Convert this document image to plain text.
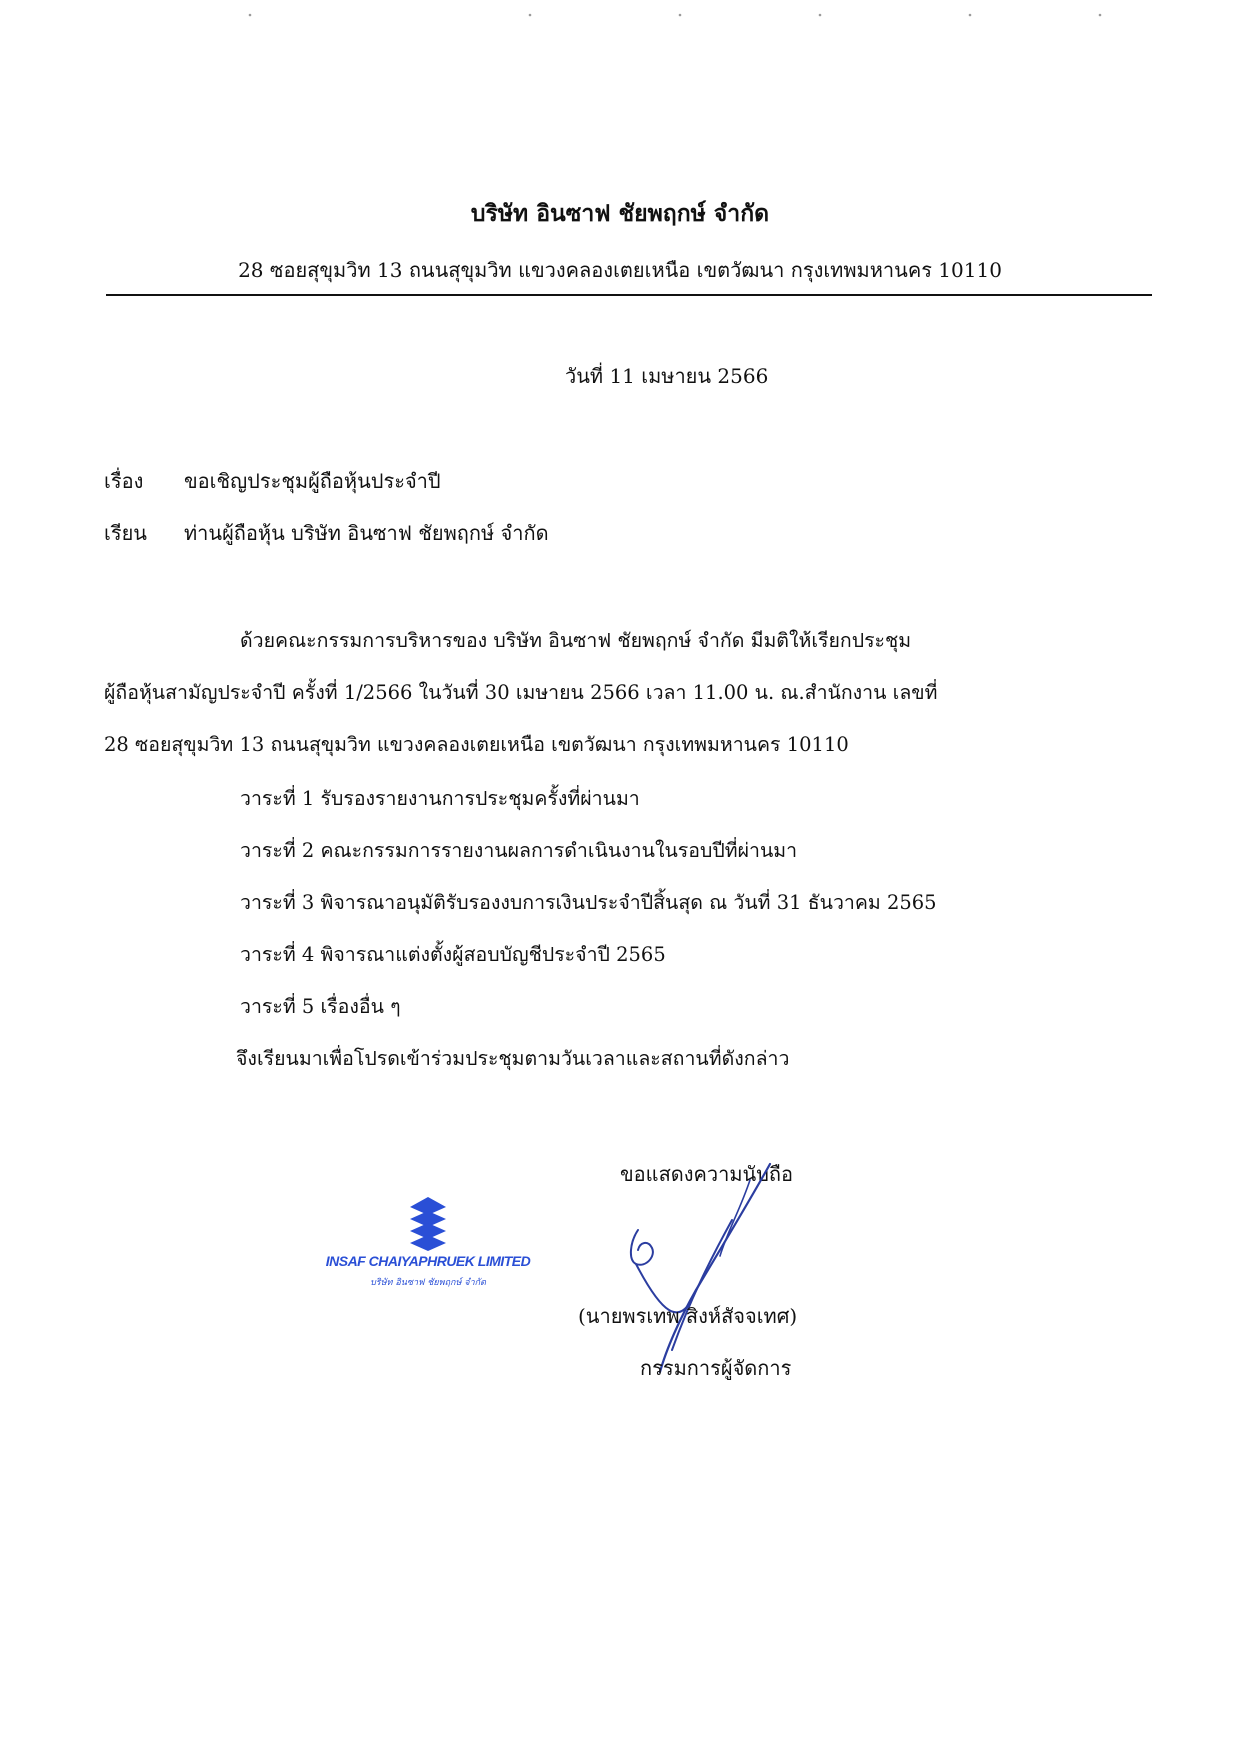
บริษัท อินซาฟ ชัยพฤกษ์ จำกัด
28 ซอยสุขุมวิท 13 ถนนสุขุมวิท แขวงคลองเตยเหนือ เขตวัฒนา กรุงเทพมหานคร 10110
วันที่ 11 เมษายน 2566
เรื่อง ขอเชิญประชุมผู้ถือหุ้นประจำปี
เรียน ท่านผู้ถือหุ้น บริษัท อินซาฟ ชัยพฤกษ์ จำกัด
ด้วยคณะกรรมการบริหารของ บริษัท อินซาฟ ชัยพฤกษ์ จำกัด มีมติให้เรียกประชุม
ผู้ถือหุ้นสามัญประจำปี ครั้งที่ 1/2566 ในวันที่ 30 เมษายน 2566 เวลา 11.00 น. ณ.สำนักงาน เลขที่
28 ซอยสุขุมวิท 13 ถนนสุขุมวิท แขวงคลองเตยเหนือ เขตวัฒนา กรุงเทพมหานคร 10110
วาระที่ 1 รับรองรายงานการประชุมครั้งที่ผ่านมา
วาระที่ 2 คณะกรรมการรายงานผลการดำเนินงานในรอบปีที่ผ่านมา
วาระที่ 3 พิจารณาอนุมัติรับรองงบการเงินประจำปีสิ้นสุด ณ วันที่ 31 ธันวาคม 2565
วาระที่ 4 พิจารณาแต่งตั้งผู้สอบบัญชีประจำปี 2565
วาระที่ 5 เรื่องอื่น ๆ
จึงเรียนมาเพื่อโปรดเข้าร่วมประชุมตามวันเวลาและสถานที่ดังกล่าว
ขอแสดงความนับถือ
INSAF CHAIYAPHRUEK LIMITED
บริษัท อินซาฟ ชัยพฤกษ์ จำกัด
(นายพรเทพ สิงห์สัจจเทศ)
กรรมการผู้จัดการ
